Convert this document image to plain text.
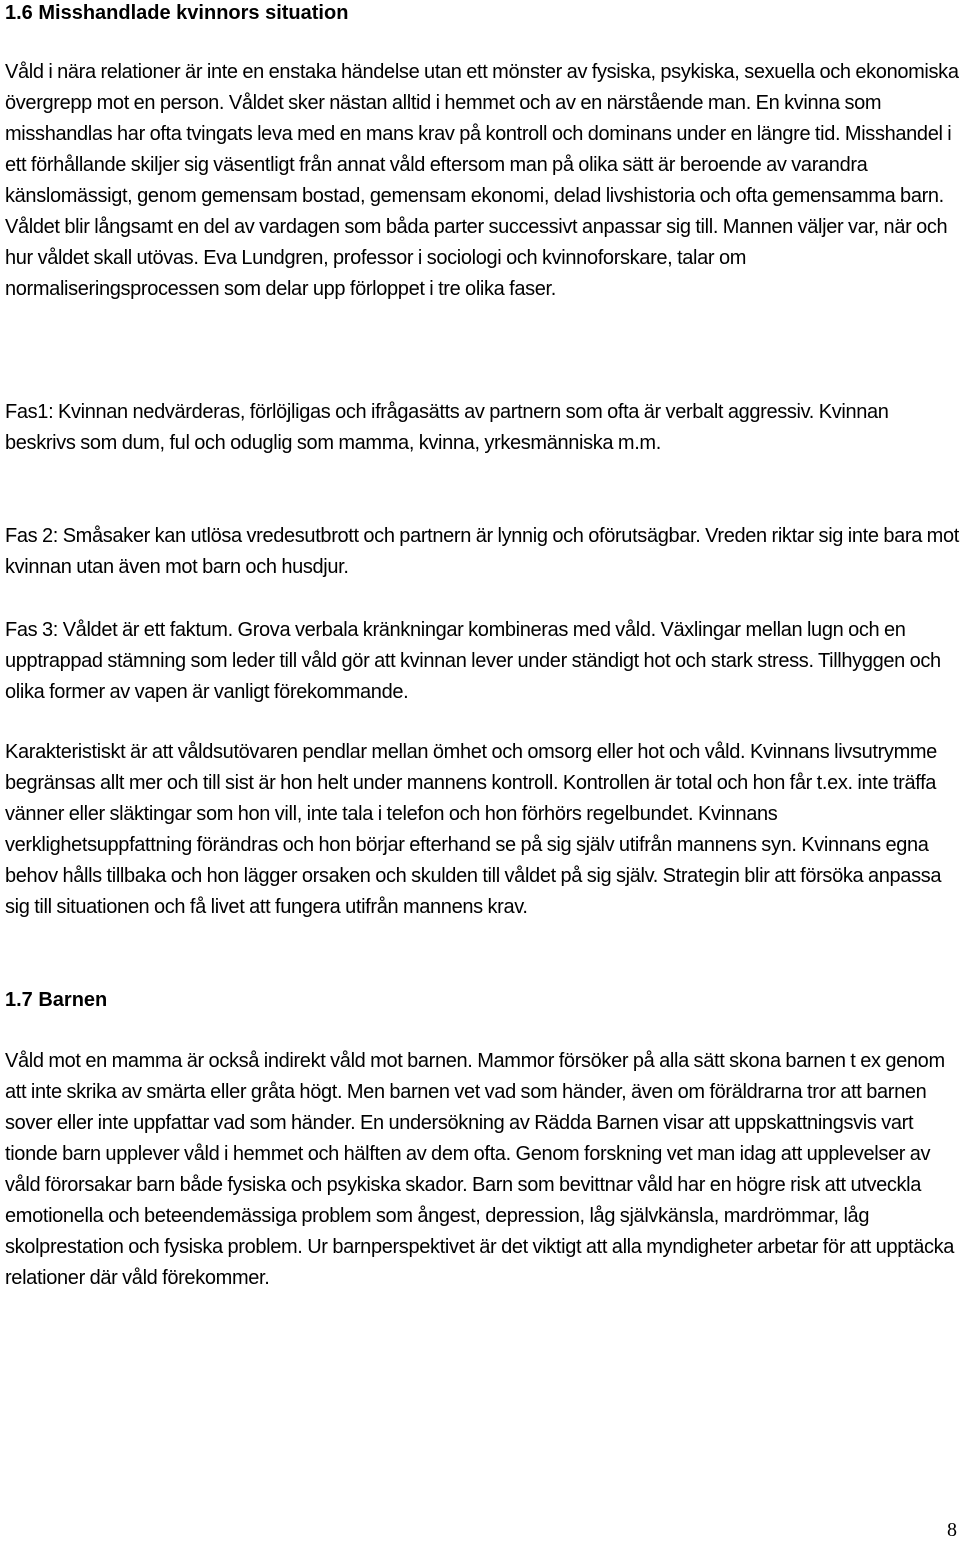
1.6 Misshandlade kvinnors situation

Våld i nära relationer är inte en enstaka händelse utan ett mönster av fysiska, psykiska, sexuella och ekonomiska övergrepp mot en person. Våldet sker nästan alltid i hemmet och av en närstående man. En kvinna som misshandlas har ofta tvingats leva med en mans krav på kontroll och dominans under en längre tid. Misshandel i ett förhållande skiljer sig väsentligt från annat våld eftersom man på olika sätt är beroende av varandra känslomässigt, genom gemensam bostad, gemensam ekonomi, delad livshistoria och ofta gemensamma barn. Våldet blir långsamt en del av vardagen som båda parter successivt anpassar sig till. Mannen väljer var, när och hur våldet skall utövas. Eva Lundgren, professor i sociologi och kvinnoforskare, talar om normaliseringsprocessen som delar upp förloppet i tre olika faser.

Fas1: Kvinnan nedvärderas, förlöjligas och ifrågasätts av partnern som ofta är verbalt aggressiv. Kvinnan beskrivs som dum, ful och oduglig som mamma, kvinna, yrkesmänniska m.m.

Fas 2: Småsaker kan utlösa vredesutbrott och partnern är lynnig och oförutsägbar. Vreden riktar sig inte bara mot kvinnan utan även mot barn och husdjur.

Fas 3: Våldet är ett faktum. Grova verbala kränkningar kombineras med våld. Växlingar mellan lugn och en upptrappad stämning som leder till våld gör att kvinnan lever under ständigt hot och stark stress. Tillhyggen och olika former av vapen är vanligt förekommande.

Karakteristiskt är att våldsutövaren pendlar mellan ömhet och omsorg eller hot och våld. Kvinnans livsutrymme begränsas allt mer och till sist är hon helt under mannens kontroll. Kontrollen är total och hon får t.ex. inte träffa vänner eller släktingar som hon vill, inte tala i telefon och hon förhörs regelbundet. Kvinnans verklighetsuppfattning förändras och hon börjar efterhand se på sig själv utifrån mannens syn. Kvinnans egna behov hålls tillbaka och hon lägger orsaken och skulden till våldet på sig själv. Strategin blir att försöka anpassa sig till situationen och få livet att fungera utifrån mannens krav.

1.7 Barnen

Våld mot en mamma är också indirekt våld mot barnen. Mammor försöker på alla sätt skona barnen t ex genom att inte skrika av smärta eller gråta högt. Men barnen vet vad som händer, även om föräldrarna tror att barnen sover eller inte uppfattar vad som händer. En undersökning av Rädda Barnen visar att uppskattningsvis vart tionde barn upplever våld i hemmet och hälften av dem ofta. Genom forskning vet man idag att upplevelser av våld förorsakar barn både fysiska och psykiska skador. Barn som bevittnar våld har en högre risk att utveckla emotionella och beteendemässiga problem som ångest, depression, låg självkänsla, mardrömmar, låg skolprestation och fysiska problem. Ur barnperspektivet är det viktigt att alla myndigheter arbetar för att upptäcka relationer där våld förekommer.

8
